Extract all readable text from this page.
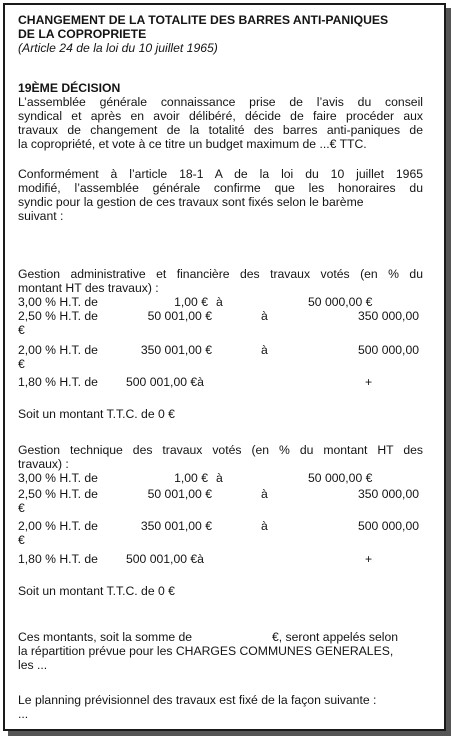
CHANGEMENT DE LA TOTALITE DES BARRES ANTI-PANIQUES
DE LA COPROPRIETE
(Article 24 de la loi du 10 juillet 1965)
19ÈME DÉCISION
L’assemblée générale connaissance prise de l’avis du conseil
syndical et après en avoir délibéré, décide de faire procéder aux
travaux de changement de la totalité des barres anti-paniques de
la copropriété, et vote à ce titre un budget maximum de ...€ TTC.
Conformément à l’article 18-1 A de la loi du 10 juillet 1965
modifié, l’assemblée générale confirme que les honoraires du
syndic pour la gestion de ces travaux sont fixés selon le barème
suivant :
Gestion administrative et financière des travaux votés (en % du
montant HT des travaux) :
3,00 % H.T. de	1,00 € à	50 000,00 €
2,50 % H.T. de	50 001,00 €	à	350 000,00
€
2,00 % H.T. de	350 001,00 €	à	500 000,00
€
1,80 % H.T. de 500 001,00 €à	+
Soit un montant T.T.C. de 0 €
Gestion technique des travaux votés (en % du montant HT des
travaux) :
3,00 % H.T. de	1,00 € à	50 000,00 €
2,50 % H.T. de	50 001,00 €	à	350 000,00
€
2,00 % H.T. de	350 001,00 €	à	500 000,00
€
1,80 % H.T. de 500 001,00 €à	+
Soit un montant T.T.C. de 0 €
Ces montants, soit la somme de	€, seront appelés selon
la répartition prévue pour les CHARGES COMMUNES GENERALES,
les ...
Le planning prévisionnel des travaux est fixé de la façon suivante :
...
